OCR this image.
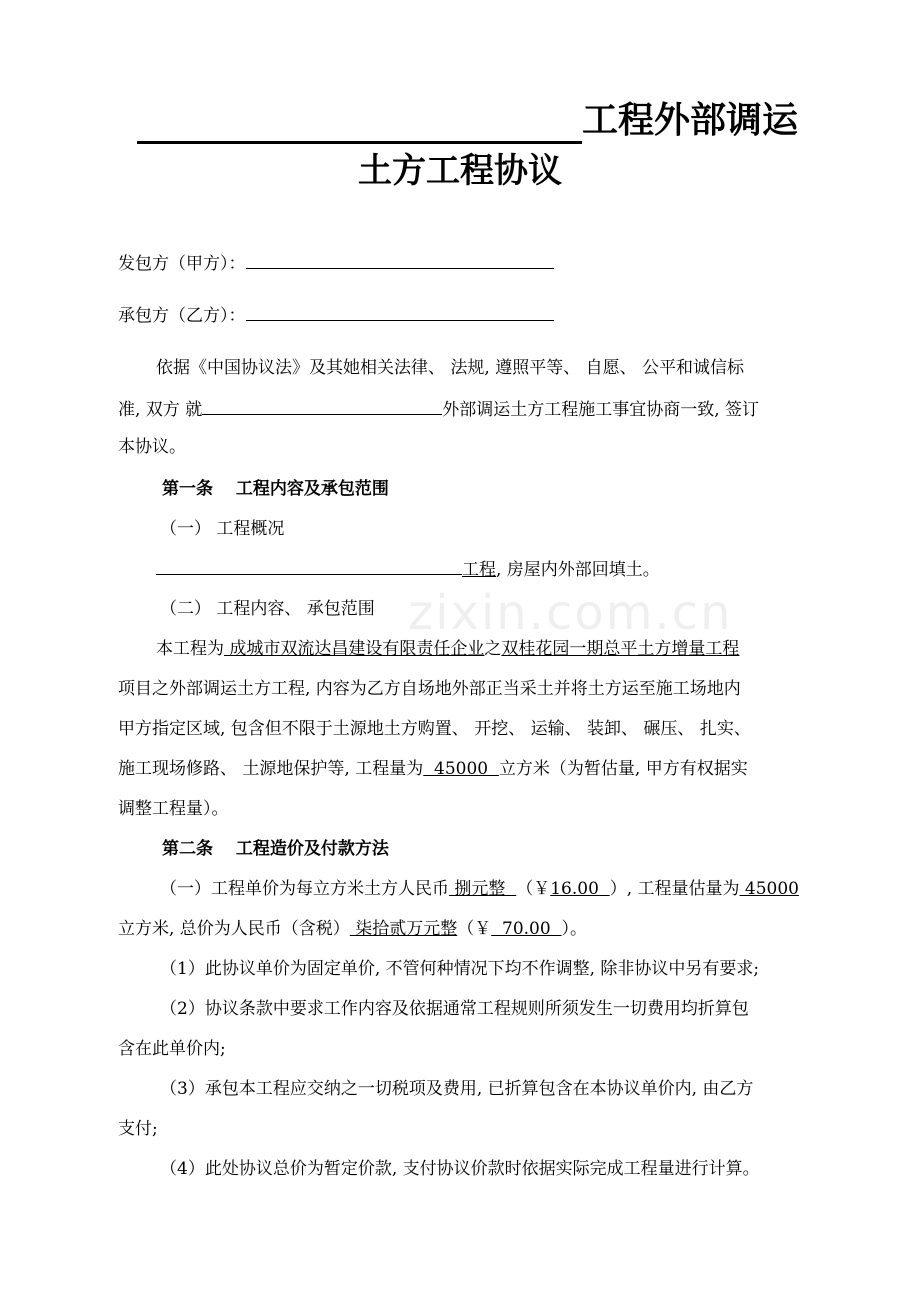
工程外部调运
土方工程协议
发包方（甲方）：
承包方（乙方）：
依据《中国协议法》及其她相关法律、 法规, 遵照平等、 自愿、 公平和诚信标
准, 双方 就	外部调运土方工程施工事宜协商一致, 签订
本协议。
第一条　 工程内容及承包范围
（一） 工程概况
工程, 房屋内外部回填土。
（二） 工程内容、 承包范围
本工程为 成城市双流达昌建设有限责任企业之双桂花园一期总平土方增量工程
项目之外部调运土方工程, 内容为乙方自场地外部正当采土并将土方运至施工场地内
甲方指定区域, 包含但不限于土源地土方购置、 开挖、 运输、 装卸、 碾压、 扎实、
施工现场修路、 土源地保护等, 工程量为  45000  立方米（为暂估量, 甲方有权据实
调整工程量）。
第二条　 工程造价及付款方法
（一）工程单价为每立方米土方人民币 捌元整  （￥16.00  ）, 工程量估量为 45000
立方米, 总价为人民币（含税） 柒拾贰万元整（￥  70.00  ）。
（1）此协议单价为固定单价, 不管何种情况下均不作调整, 除非协议中另有要求;
（2）协议条款中要求工作内容及依据通常工程规则所须发生一切费用均折算包
含在此单价内;
（3）承包本工程应交纳之一切税项及费用, 已折算包含在本协议单价内, 由乙方
支付;
（4）此处协议总价为暂定价款, 支付协议价款时依据实际完成工程量进行计算。
zixin.com.cn
